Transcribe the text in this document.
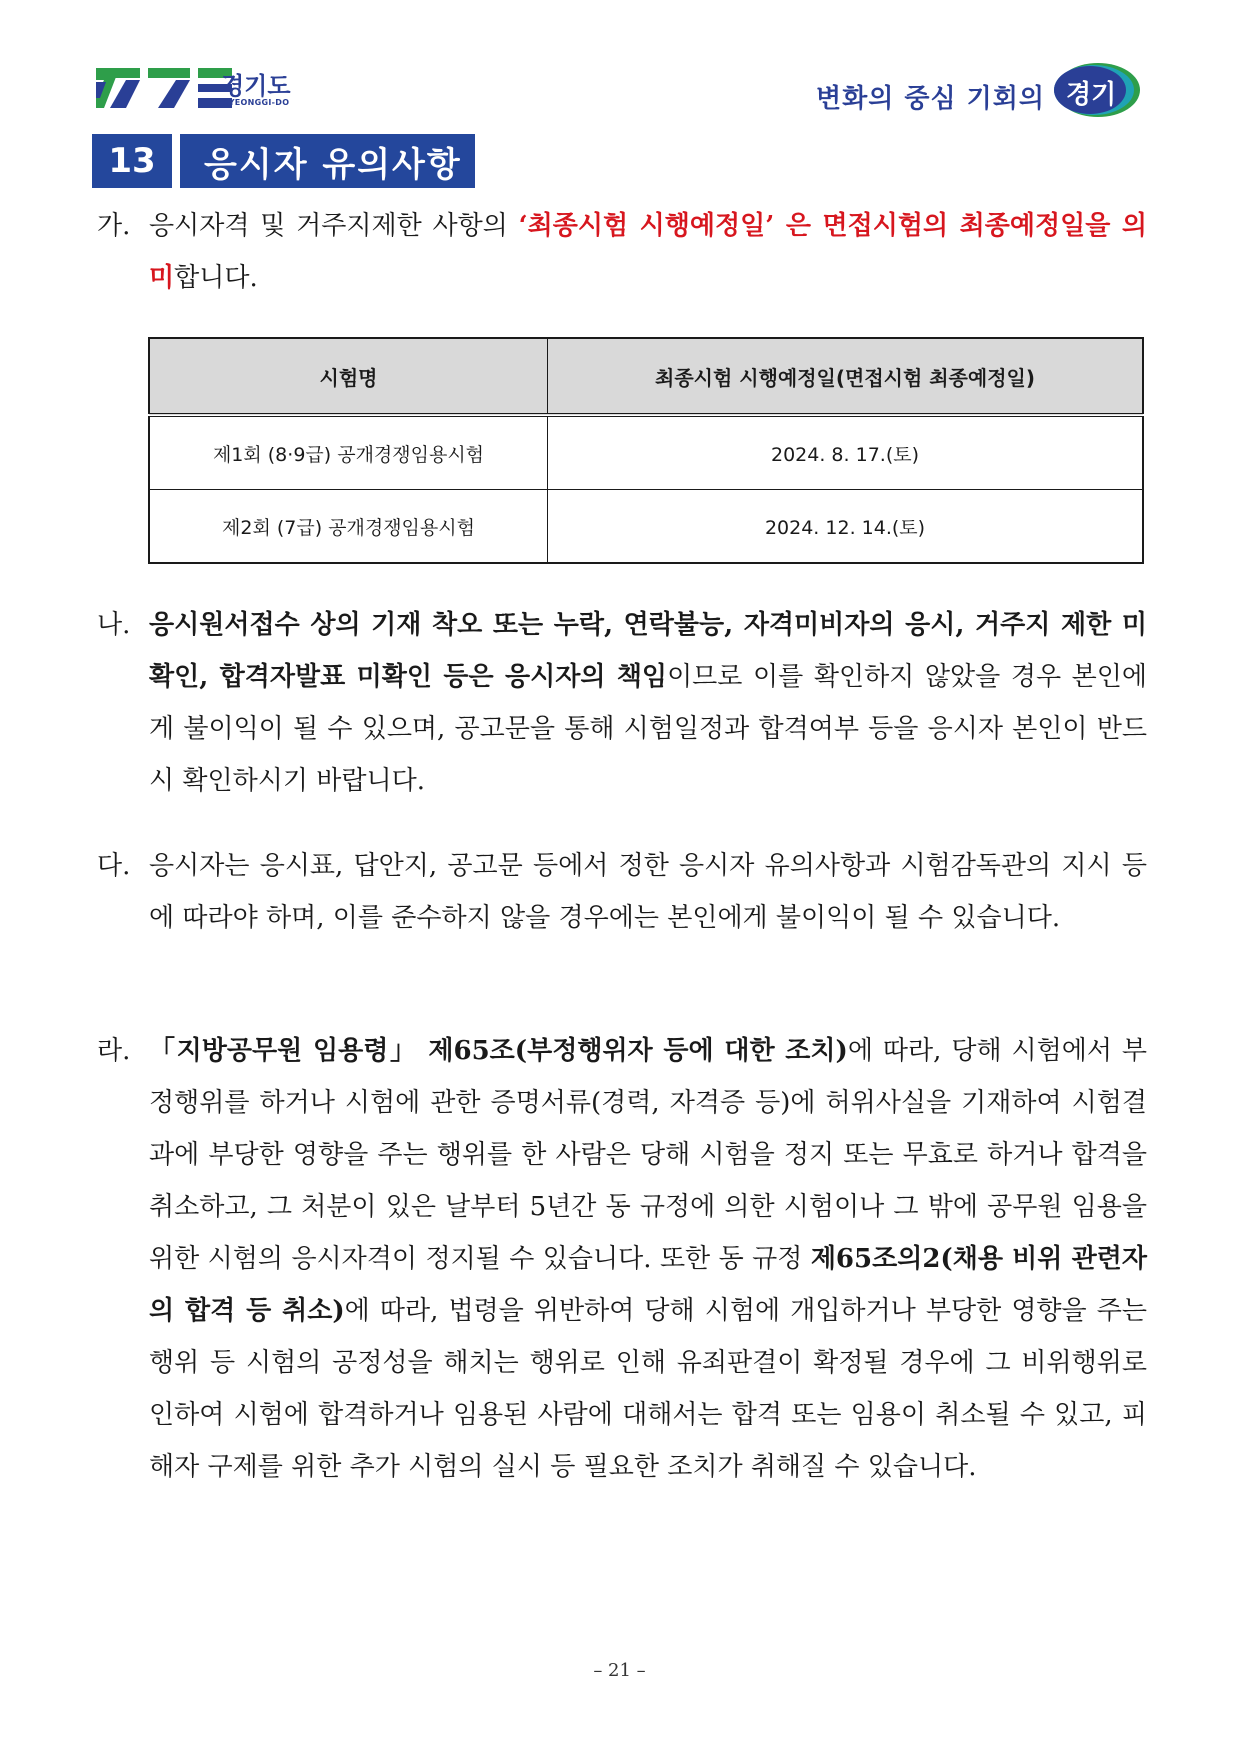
경기도
GYEONGGI-DO	변화의 중심 기회의 경기
13	응시자 유의사항
가. 응시자격 및 거주지제한 사항의 ‘최종시험 시행예정일’ 은 면접시험의 최종예정일을 의미합니다.
시험명	최종시험 시행예정일(면접시험 최종예정일)
제1회 (8·9급) 공개경쟁임용시험	2024. 8. 17.(토)
제2회 (7급) 공개경쟁임용시험	2024. 12. 14.(토)
나. 응시원서접수 상의 기재 착오 또는 누락, 연락불능, 자격미비자의 응시, 거주지 제한 미확인, 합격자발표 미확인 등은 응시자의 책임이므로 이를 확인하지 않았을 경우 본인에게 불이익이 될 수 있으며, 공고문을 통해 시험일정과 합격여부 등을 응시자 본인이 반드시 확인하시기 바랍니다.
다. 응시자는 응시표, 답안지, 공고문 등에서 정한 응시자 유의사항과 시험감독관의 지시 등에 따라야 하며, 이를 준수하지 않을 경우에는 본인에게 불이익이 될 수 있습니다.
라. 「지방공무원 임용령」 제65조(부정행위자 등에 대한 조치)에 따라, 당해 시험에서 부정행위를 하거나 시험에 관한 증명서류(경력, 자격증 등)에 허위사실을 기재하여 시험결과에 부당한 영향을 주는 행위를 한 사람은 당해 시험을 정지 또는 무효로 하거나 합격을 취소하고, 그 처분이 있은 날부터 5년간 동 규정에 의한 시험이나 그 밖에 공무원 임용을 위한 시험의 응시자격이 정지될 수 있습니다. 또한 동 규정 제65조의2(채용 비위 관련자의 합격 등 취소)에 따라, 법령을 위반하여 당해 시험에 개입하거나 부당한 영향을 주는 행위 등 시험의 공정성을 해치는 행위로 인해 유죄판결이 확정될 경우에 그 비위행위로 인하여 시험에 합격하거나 임용된 사람에 대해서는 합격 또는 임용이 취소될 수 있고, 피해자 구제를 위한 추가 시험의 실시 등 필요한 조치가 취해질 수 있습니다.
– 21 –
